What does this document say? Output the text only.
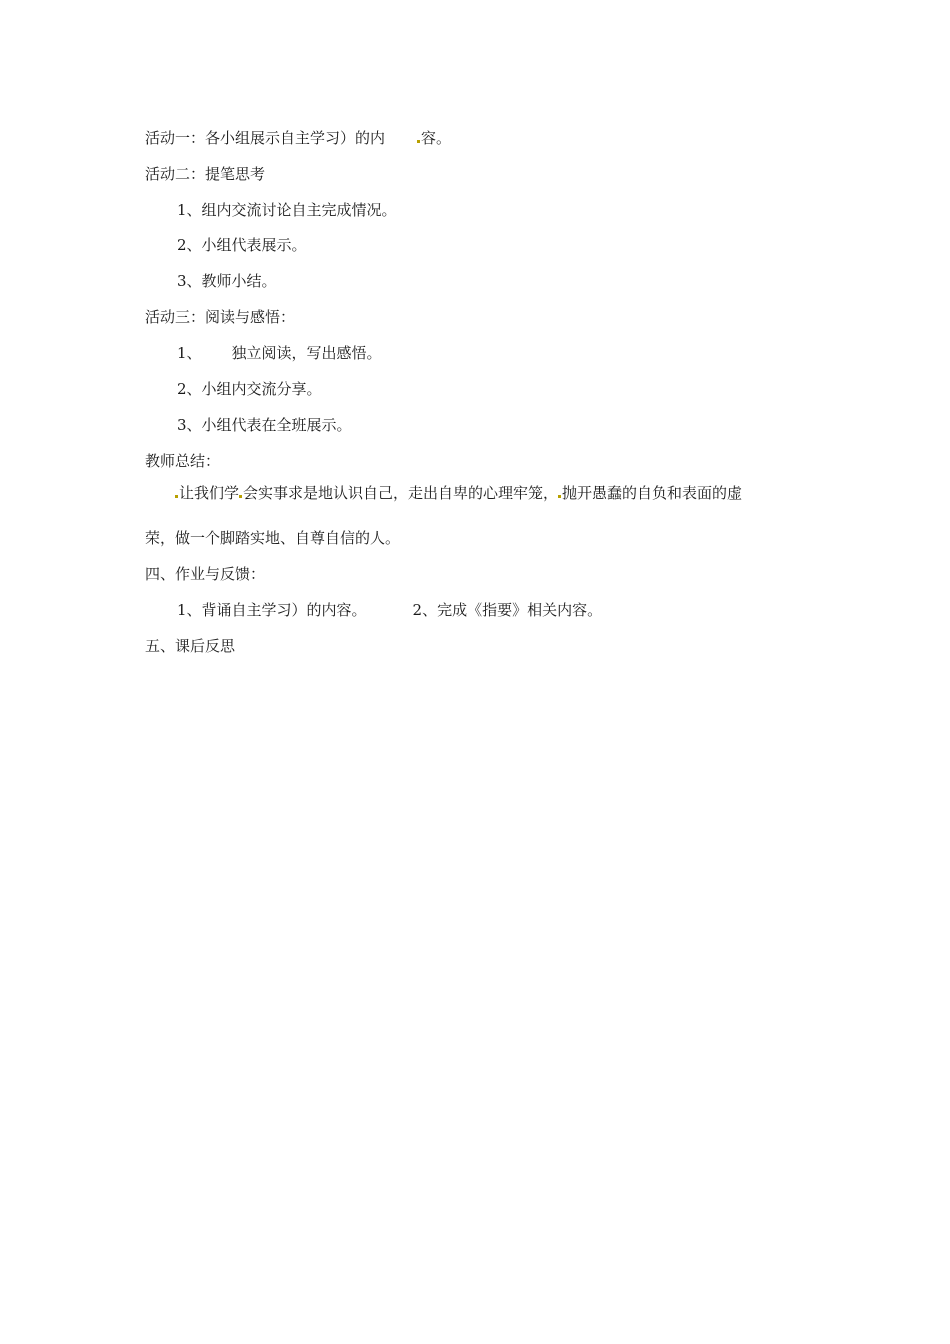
活动一：各小组展示自主学习）的内 容。
活动二：提笔思考
1、组内交流讨论自主完成情况。
2、小组代表展示。
3、教师小结。
活动三：阅读与感悟：
1、 独立阅读，写出感悟。
2、小组内交流分享。
3、小组代表在全班展示。
教师总结：
让我们学 会实事求是地认识自己，走出自卑的心理牢笼， 抛开愚蠢的自负和表面的虚
荣，做一个脚踏实地、自尊自信的人。
四、作业与反馈：
1、背诵自主学习）的内容。	2、完成《指要》相关内容。
五、课后反思
